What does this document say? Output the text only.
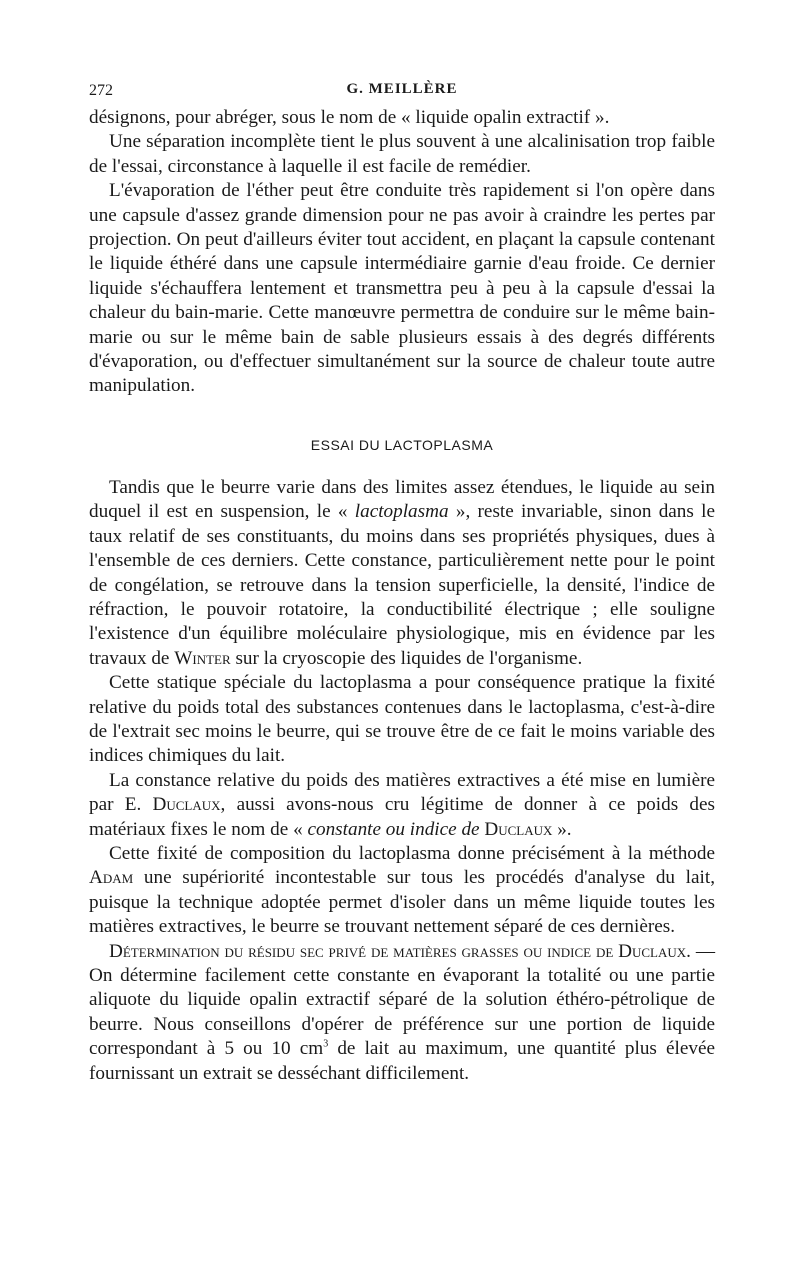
272	G. MEILLÈRE

désignons, pour abréger, sous le nom de « liquide opalin extractif ».

Une séparation incomplète tient le plus souvent à une alcalinisation trop faible de l'essai, circonstance à laquelle il est facile de remédier.

L'évaporation de l'éther peut être conduite très rapidement si l'on opère dans une capsule d'assez grande dimension pour ne pas avoir à craindre les pertes par projection. On peut d'ailleurs éviter tout accident, en plaçant la capsule contenant le liquide éthéré dans une capsule intermédiaire garnie d'eau froide. Ce dernier liquide s'échauffera lentement et transmettra peu à peu à la capsule d'essai la chaleur du bain-marie. Cette manœuvre permettra de conduire sur le même bain-marie ou sur le même bain de sable plusieurs essais à des degrés différents d'évaporation, ou d'effectuer simultanément sur la source de chaleur toute autre manipulation.

ESSAI DU LACTOPLASMA

Tandis que le beurre varie dans des limites assez étendues, le liquide au sein duquel il est en suspension, le « lactoplasma », reste invariable, sinon dans le taux relatif de ses constituants, du moins dans ses propriétés physiques, dues à l'ensemble de ces derniers. Cette constance, particulièrement nette pour le point de congélation, se retrouve dans la tension superficielle, la densité, l'indice de réfraction, le pouvoir rotatoire, la conductibilité électrique ; elle souligne l'existence d'un équilibre moléculaire physiologique, mis en évidence par les travaux de Winter sur la cryoscopie des liquides de l'organisme.

Cette statique spéciale du lactoplasma a pour conséquence pratique la fixité relative du poids total des substances contenues dans le lactoplasma, c'est-à-dire de l'extrait sec moins le beurre, qui se trouve être de ce fait le moins variable des indices chimiques du lait.

La constance relative du poids des matières extractives a été mise en lumière par E. Duclaux, aussi avons-nous cru légitime de donner à ce poids des matériaux fixes le nom de « constante ou indice de Duclaux ».

Cette fixité de composition du lactoplasma donne précisément à la méthode Adam une supériorité incontestable sur tous les procédés d'analyse du lait, puisque la technique adoptée permet d'isoler dans un même liquide toutes les matières extractives, le beurre se trouvant nettement séparé de ces dernières.

Détermination du résidu sec privé de matières grasses ou indice de Duclaux. — On détermine facilement cette constante en évaporant la totalité ou une partie aliquote du liquide opalin extractif séparé de la solution éthéro-pétrolique de beurre. Nous conseillons d'opérer de préférence sur une portion de liquide correspondant à 5 ou 10 $cm^3$ de lait au maximum, une quantité plus élevée fournissant un extrait se desséchant difficilement.
